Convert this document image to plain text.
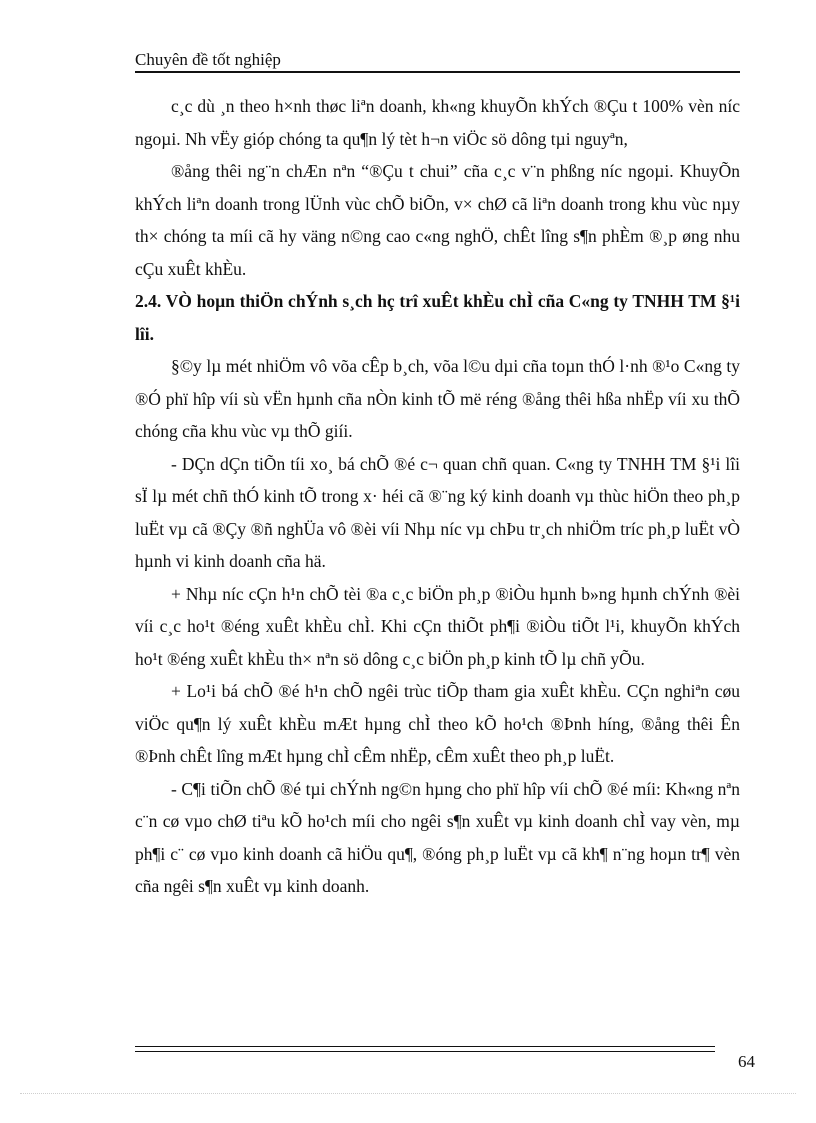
Chuyên đề tốt nghiệp

c¸c dù ¸n theo h×nh thøc liªn doanh, kh«ng khuyÕn khÝch ®Çu t 100% vèn níc ngoµi. Nh vËy gióp chóng ta qu¶n lý tèt h¬n viÖc sö dông tµi nguyªn,

®ång thêi ng¨n chÆn nªn “®Çu t chui” cña c¸c v¨n phßng níc ngoµi. KhuyÕn khÝch liªn doanh trong lÜnh vùc chÕ biÕn, v× chØ cã liªn doanh trong khu vùc nµy th× chóng ta míi cã hy väng n©ng cao c«ng nghÖ, chÊt lîng s¶n phÈm ®¸p øng nhu cÇu xuÊt khÈu.

2.4. VÒ hoµn thiÖn chÝnh s¸ch hç trî xuÊt khÈu chÌ cña C«ng ty TNHH TM §¹i lîi.

§©y lµ mét nhiÖm vô võa cÊp b¸ch, võa l©u dµi cña toµn thÓ l·nh ®¹o C«ng ty ®Ó phï hîp víi sù vËn hµnh cña nÒn kinh tÕ më réng ®ång thêi hßa nhËp víi xu thÕ chóng cña khu vùc vµ thÕ giíi.

- DÇn dÇn tiÕn tíi xo¸ bá chÕ ®é c¬ quan chñ quan. C«ng ty TNHH TM §¹i lîi sÏ lµ mét chñ thÓ kinh tÕ trong x· héi cã ®¨ng ký kinh doanh vµ thùc hiÖn theo ph¸p luËt vµ cã ®Çy ®ñ nghÜa vô ®èi víi Nhµ níc vµ chÞu tr¸ch nhiÖm tríc ph¸p luËt vÒ hµnh vi kinh doanh cña hä.

+ Nhµ níc cÇn h¹n chÕ tèi ®a c¸c biÖn ph¸p ®iÒu hµnh b»ng hµnh chÝnh ®èi víi c¸c ho¹t ®éng xuÊt khÈu chÌ. Khi cÇn thiÕt ph¶i ®iÒu tiÕt l¹i, khuyÕn khÝch ho¹t ®éng xuÊt khÈu th× nªn sö dông c¸c biÖn ph¸p kinh tÕ lµ chñ yÕu.

+ Lo¹i bá chÕ ®é h¹n chÕ ngêi trùc tiÕp tham gia xuÊt khÈu. CÇn nghiªn cøu viÖc qu¶n lý xuÊt khÈu mÆt hµng chÌ theo kÕ ho¹ch ®Þnh híng, ®ång thêi Ên ®Þnh chÊt lîng mÆt hµng chÌ cÊm nhËp, cÊm xuÊt theo ph¸p luËt.

- C¶i tiÕn chÕ ®é tµi chÝnh ng©n hµng cho phï hîp víi chÕ ®é míi: Kh«ng nªn c¨n cø vµo chØ tiªu kÕ ho¹ch míi cho ngêi s¶n xuÊt vµ kinh doanh chÌ vay vèn, mµ ph¶i c¨ cø vµo kinh doanh cã hiÖu qu¶, ®óng ph¸p luËt vµ cã kh¶ n¨ng hoµn tr¶ vèn cña ngêi s¶n xuÊt vµ kinh doanh.

64
